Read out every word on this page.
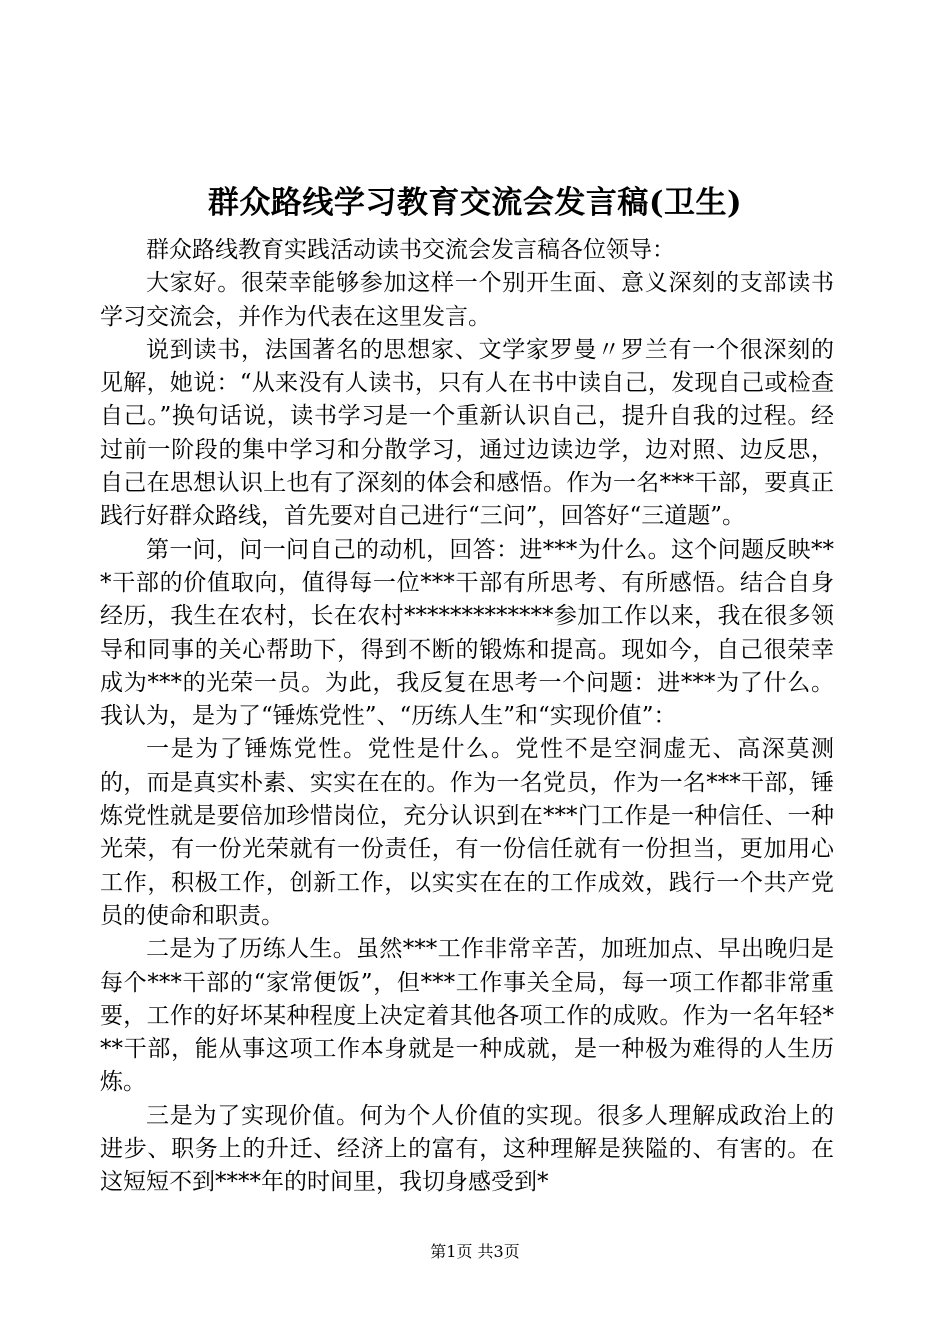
群众路线学习教育交流会发言稿(卫生)

群众路线教育实践活动读书交流会发言稿各位领导：

大家好。很荣幸能够参加这样一个别开生面、意义深刻的支部读书学习交流会，并作为代表在这里发言。

说到读书，法国著名的思想家、文学家罗曼〃罗兰有一个很深刻的见解，她说：“从来没有人读书，只有人在书中读自己，发现自己或检查自己。”换句话说，读书学习是一个重新认识自己，提升自我的过程。经过前一阶段的集中学习和分散学习，通过边读边学，边对照、边反思，自己在思想认识上也有了深刻的体会和感悟。作为一名***干部，要真正践行好群众路线，首先要对自己进行“三问”，回答好“三道题”。

第一问，问一问自己的动机，回答：进***为什么。这个问题反映***干部的价值取向，值得每一位***干部有所思考、有所感悟。结合自身经历，我生在农村，长在农村*************参加工作以来，我在很多领导和同事的关心帮助下，得到不断的锻炼和提高。现如今，自己很荣幸成为***的光荣一员。为此，我反复在思考一个问题：进***为了什么。我认为，是为了“锤炼党性”、“历练人生”和“实现价值”：

一是为了锤炼党性。党性是什么。党性不是空洞虚无、高深莫测的，而是真实朴素、实实在在的。作为一名党员，作为一名***干部，锤炼党性就是要倍加珍惜岗位，充分认识到在***门工作是一种信任、一种光荣，有一份光荣就有一份责任，有一份信任就有一份担当，更加用心工作，积极工作，创新工作，以实实在在的工作成效，践行一个共产党员的使命和职责。

二是为了历练人生。虽然***工作非常辛苦，加班加点、早出晚归是每个***干部的“家常便饭”，但***工作事关全局，每一项工作都非常重要，工作的好坏某种程度上决定着其他各项工作的成败。作为一名年轻***干部，能从事这项工作本身就是一种成就，是一种极为难得的人生历炼。

三是为了实现价值。何为个人价值的实现。很多人理解成政治上的进步、职务上的升迁、经济上的富有，这种理解是狭隘的、有害的。在这短短不到****年的时间里，我切身感受到*

第1页 共3页
